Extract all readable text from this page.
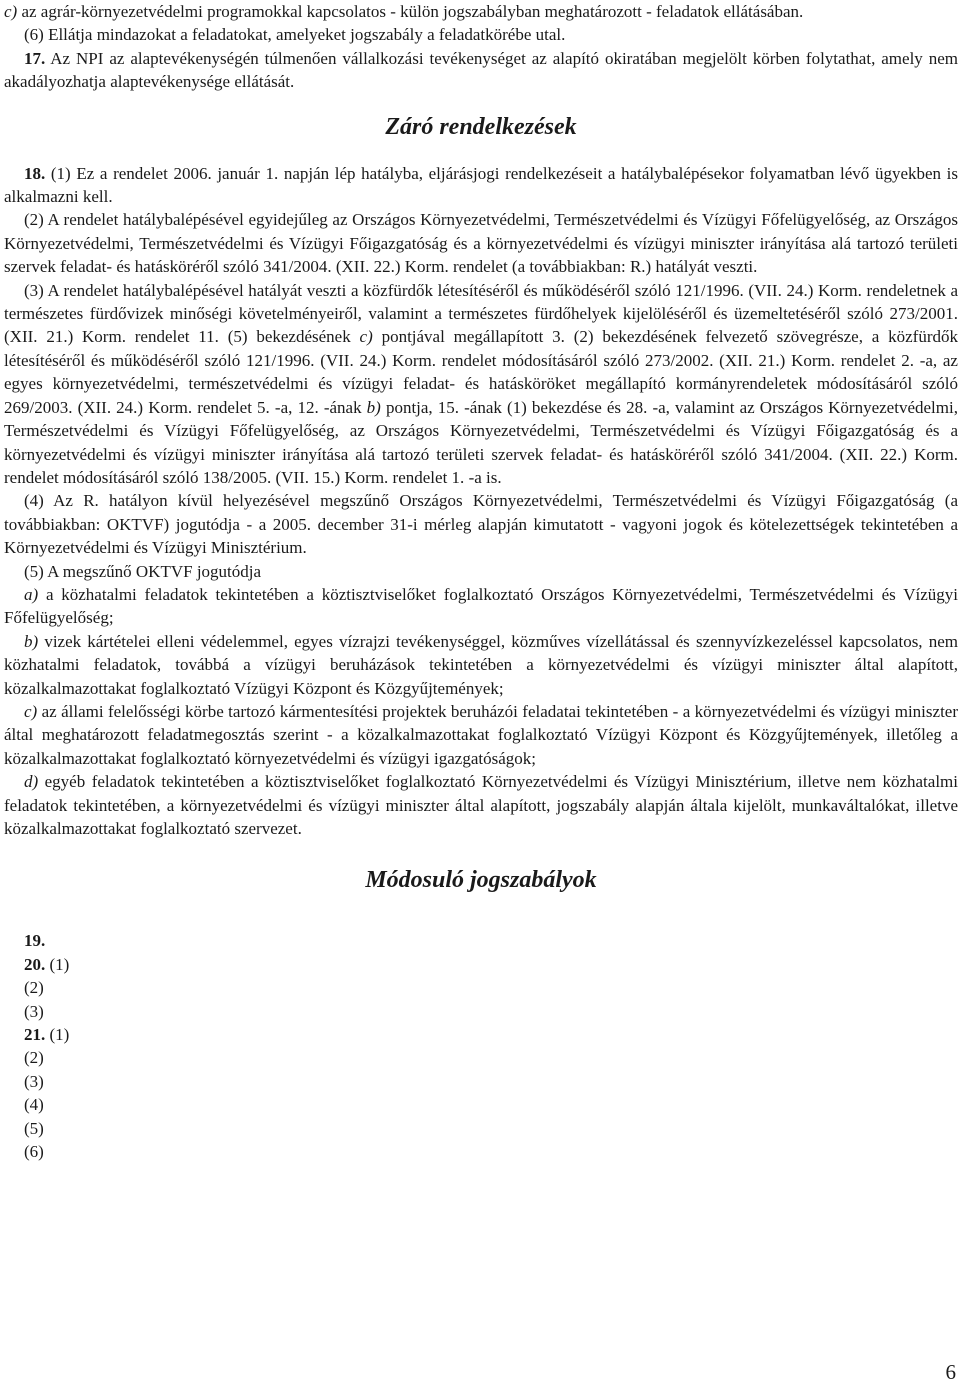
c) az agrár-környezetvédelmi programokkal kapcsolatos - külön jogszabályban meghatározott - feladatok ellátásában.

(6) Ellátja mindazokat a feladatokat, amelyeket jogszabály a feladatkörébe utal.

17. Az NPI az alaptevékenységén túlmenően vállalkozási tevékenységet az alapító okiratában megjelölt körben folytathat, amely nem akadályozhatja alaptevékenysége ellátását.

Záró rendelkezések

18. (1) Ez a rendelet 2006. január 1. napján lép hatályba, eljárásjogi rendelkezéseit a hatálybalépésekor folyamatban lévő ügyekben is alkalmazni kell.

(2) A rendelet hatálybalépésével egyidejűleg az Országos Környezetvédelmi, Természetvédelmi és Vízügyi Főfelügyelőség, az Országos Környezetvédelmi, Természetvédelmi és Vízügyi Főigazgatóság és a környezetvédelmi és vízügyi miniszter irányítása alá tartozó területi szervek feladat- és hatásköréről szóló 341/2004. (XII. 22.) Korm. rendelet (a továbbiakban: R.) hatályát veszti.

(3) A rendelet hatálybalépésével hatályát veszti a közfürdők létesítéséről és működéséről szóló 121/1996. (VII. 24.) Korm. rendeletnek a természetes fürdővizek minőségi követelményeiről, valamint a természetes fürdőhelyek kijelöléséről és üzemeltetéséről szóló 273/2001. (XII. 21.) Korm. rendelet 11. (5) bekezdésének c) pontjával megállapított 3. (2) bekezdésének felvezető szövegrésze, a közfürdők létesítéséről és működéséről szóló 121/1996. (VII. 24.) Korm. rendelet módosításáról szóló 273/2002. (XII. 21.) Korm. rendelet 2. -a, az egyes környezetvédelmi, természetvédelmi és vízügyi feladat- és hatásköröket megállapító kormányrendeletek módosításáról szóló 269/2003. (XII. 24.) Korm. rendelet 5. -a, 12. -ának b) pontja, 15. -ának (1) bekezdése és 28. -a, valamint az Országos Környezetvédelmi, Természetvédelmi és Vízügyi Főfelügyelőség, az Országos Környezetvédelmi, Természetvédelmi és Vízügyi Főigazgatóság és a környezetvédelmi és vízügyi miniszter irányítása alá tartozó területi szervek feladat- és hatásköréről szóló 341/2004. (XII. 22.) Korm. rendelet módosításáról szóló 138/2005. (VII. 15.) Korm. rendelet 1. -a is.

(4) Az R. hatályon kívül helyezésével megszűnő Országos Környezetvédelmi, Természetvédelmi és Vízügyi Főigazgatóság (a továbbiakban: OKTVF) jogutódja - a 2005. december 31-i mérleg alapján kimutatott - vagyoni jogok és kötelezettségek tekintetében a Környezetvédelmi és Vízügyi Minisztérium.

(5) A megszűnő OKTVF jogutódja

a) a közhatalmi feladatok tekintetében a köztisztviselőket foglalkoztató Országos Környezetvédelmi, Természetvédelmi és Vízügyi Főfelügyelőség;

b) vizek kártételei elleni védelemmel, egyes vízrajzi tevékenységgel, közműves vízellátással és szennyvízkezeléssel kapcsolatos, nem közhatalmi feladatok, továbbá a vízügyi beruházások tekintetében a környezetvédelmi és vízügyi miniszter által alapított, közalkalmazottakat foglalkoztató Vízügyi Központ és Közgyűjtemények;

c) az állami felelősségi körbe tartozó kármentesítési projektek beruházói feladatai tekintetében - a környezetvédelmi és vízügyi miniszter által meghatározott feladatmegosztás szerint - a közalkalmazottakat foglalkoztató Vízügyi Központ és Közgyűjtemények, illetőleg a közalkalmazottakat foglalkoztató környezetvédelmi és vízügyi igazgatóságok;

d) egyéb feladatok tekintetében a köztisztviselőket foglalkoztató Környezetvédelmi és Vízügyi Minisztérium, illetve nem közhatalmi feladatok tekintetében, a környezetvédelmi és vízügyi miniszter által alapított, jogszabály alapján általa kijelölt, munkaváltalókat, illetve közalkalmazottakat foglalkoztató szervezet.

Módosuló jogszabályok

19.

20. (1)

(2)

(3)

21. (1)

(2)

(3)

(4)

(5)

(6)

6
